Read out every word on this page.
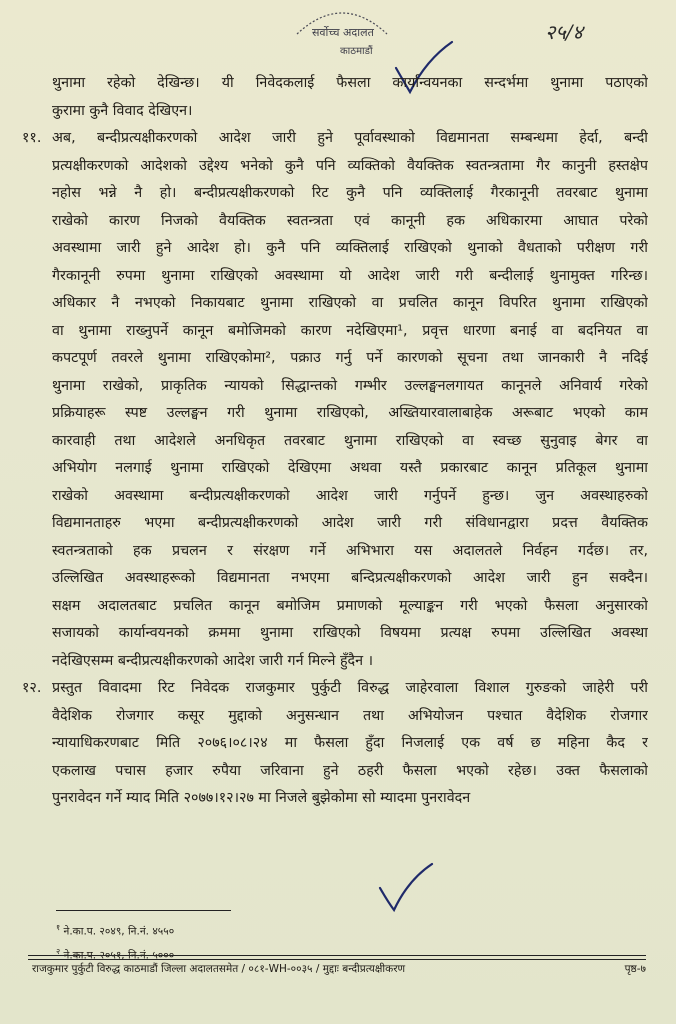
सर्वोच्च अदालत
काठमाडौं
२५/४
थुनामा रहेको देखिन्छ। यी निवेदकलाई फैसला कार्यान्वयनका सन्दर्भमा थुनामा पठाएको
कुरामा कुनै विवाद देखिएन।
११. अब, बन्दीप्रत्यक्षीकरणको आदेश जारी हुने पूर्वावस्थाको विद्यमानता सम्बन्धमा हेर्दा, बन्दी
प्रत्यक्षीकरणको आदेशको उद्देश्य भनेको कुनै पनि व्यक्तिको वैयक्तिक स्वतन्त्रतामा गैर कानुनी हस्तक्षेप
नहोस भन्ने नै हो। बन्दीप्रत्यक्षीकरणको रिट कुनै पनि व्यक्तिलाई गैरकानूनी तवरबाट थुनामा
राखेको कारण निजको वैयक्तिक स्वतन्त्रता एवं कानूनी हक अधिकारमा आघात परेको
अवस्थामा जारी हुने आदेश हो। कुनै पनि व्यक्तिलाई राखिएको थुनाको वैधताको परीक्षण गरी
गैरकानूनी रुपमा थुनामा राखिएको अवस्थामा यो आदेश जारी गरी बन्दीलाई थुनामुक्त गरिन्छ।
अधिकार नै नभएको निकायबाट थुनामा राखिएको वा प्रचलित कानून विपरित थुनामा राखिएको
वा थुनामा राख्नुपर्ने कानून बमोजिमको कारण नदेखिएमा¹, प्रवृत्त धारणा बनाई वा बदनियत वा
कपटपूर्ण तवरले थुनामा राखिएकोमा², पक्राउ गर्नु पर्ने कारणको सूचना तथा जानकारी नै नदिई
थुनामा राखेको, प्राकृतिक न्यायको सिद्धान्तको गम्भीर उल्लङ्घनलगायत कानूनले अनिवार्य गरेको
प्रक्रियाहरू स्पष्ट उल्लङ्घन गरी थुनामा राखिएको, अख्तियारवालाबाहेक अरूबाट भएको काम
कारवाही तथा आदेशले अनधिकृत तवरबाट थुनामा राखिएको वा स्वच्छ सुनुवाइ बेगर वा
अभियोग नलगाई थुनामा राखिएको देखिएमा अथवा यस्तै प्रकारबाट कानून प्रतिकूल थुनामा
राखेको अवस्थामा बन्दीप्रत्यक्षीकरणको आदेश जारी गर्नुपर्ने हुन्छ। जुन अवस्थाहरुको
विद्यमानताहरु भएमा बन्दीप्रत्यक्षीकरणको आदेश जारी गरी संविधानद्वारा प्रदत्त वैयक्तिक
स्वतन्त्रताको हक प्रचलन र संरक्षण गर्ने अभिभारा यस अदालतले निर्वहन गर्दछ। तर,
उल्लिखित अवस्थाहरूको विद्यमानता नभएमा बन्दिप्रत्यक्षीकरणको आदेश जारी हुन सक्दैन।
सक्षम अदालतबाट प्रचलित कानून बमोजिम प्रमाणको मूल्याङ्कन गरी भएको फैसला अनुसारको
सजायको कार्यान्वयनको क्रममा थुनामा राखिएको विषयमा प्रत्यक्ष रुपमा उल्लिखित अवस्था
नदेखिएसम्म बन्दीप्रत्यक्षीकरणको आदेश जारी गर्न मिल्ने हुँदैन ।
१२. प्रस्तुत विवादमा रिट निवेदक राजकुमार पुर्कुटी विरुद्ध जाहेरवाला विशाल गुरुङको जाहेरी परी
वैदेशिक रोजगार कसूर मुद्दाको अनुसन्धान तथा अभियोजन पश्चात वैदेशिक रोजगार
न्यायाधिकरणबाट मिति २०७६।०८।२४ मा फैसला हुँदा निजलाई एक वर्ष छ महिना कैद र
एकलाख पचास हजार रुपैया जरिवाना हुने ठहरी फैसला भएको रहेछ। उक्त फैसलाको
पुनरावेदन गर्ने म्याद मिति २०७७।१२।२७ मा निजले बुझेकोमा सो म्यादमा पुनरावेदन
$^१$ ने.का.प. २०४९, नि.नं. ४५५०
$^२$ ने.का.प. २०५१, नि.नं. ५०००
राजकुमार पुर्कुटी विरुद्ध काठमाडौं जिल्ला अदालतसमेत / ०८१-WH-००३५ / मुद्दाः बन्दीप्रत्यक्षीकरण	पृष्ठ-७
